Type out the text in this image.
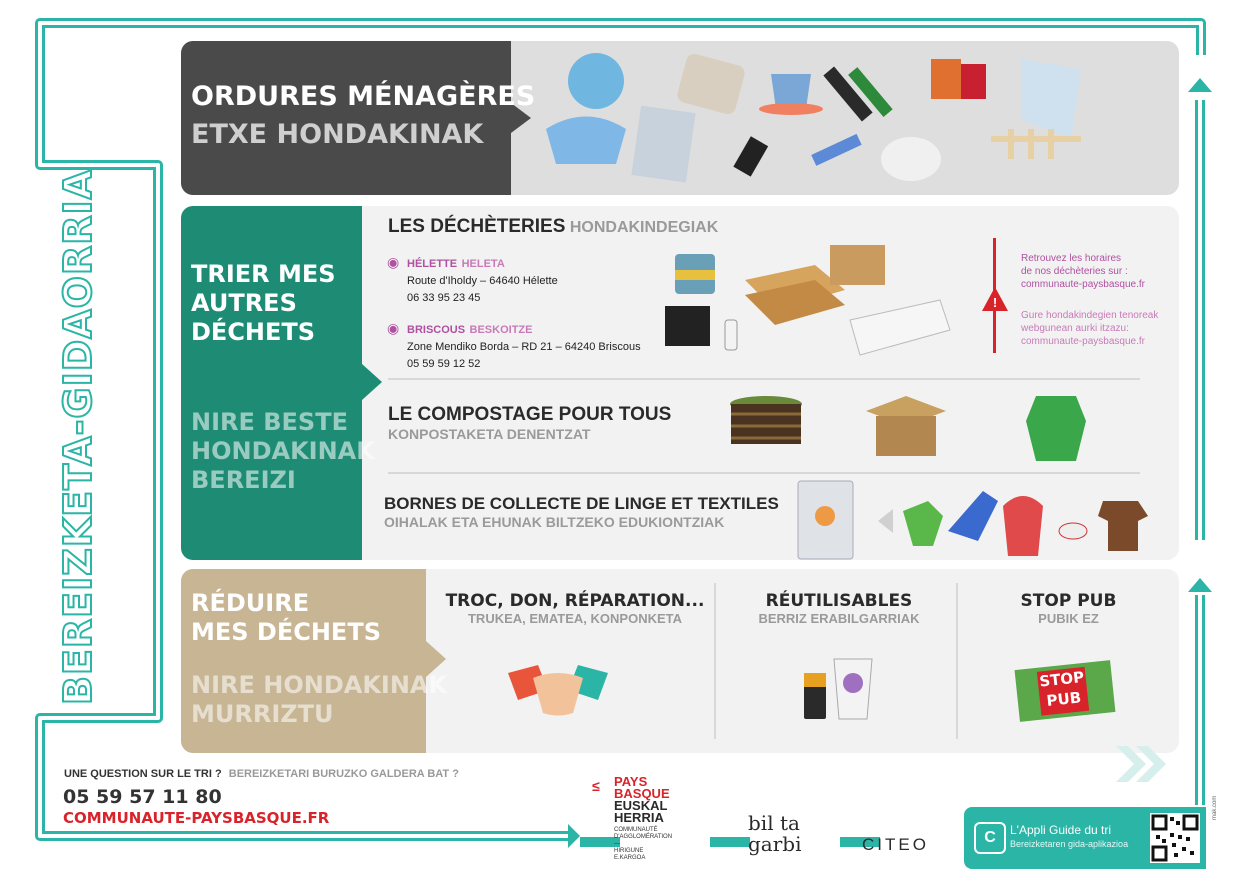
BEREIZKETA-GIDAORRIA
ORDURES MÉNAGÈRES
ETXE HONDAKINAK
TRIER MES
AUTRES
DÉCHETS
NIRE BESTE
HONDAKINAK
BEREIZI
LES DÉCHÈTERIES HONDAKINDEGIAK
◉ HÉLETTE HELETA
Route d'Iholdy – 64640 Hélette
06 33 95 23 45
◉ BRISCOUS BESKOITZE
Zone Mendiko Borda – RD 21 – 64240 Briscous
05 59 59 12 52
!
Retrouvez les horaires
de nos déchèteries sur :
communaute-paysbasque.fr
Gure hondakindegien tenoreak
webgunean aurki itzazu:
communaute-paysbasque.fr
LE COMPOSTAGE POUR TOUS
KONPOSTAKETA DENENTZAT
BORNES DE COLLECTE DE LINGE ET TEXTILES
OIHALAK ETA EHUNAK BILTZEKO EDUKIONTZIAK
RÉDUIRE
MES DÉCHETS
NIRE HONDAKINAK
MURRIZTU
TROC, DON, RÉPARATION...
TRUKEA, EMATEA, KONPONKETA
RÉUTILISABLES
BERRIZ ERABILGARRIAK
STOP PUB
PUBIK EZ
STOP
PUB
UNE QUESTION SUR LE TRI ? BEREIZKETARI BURUZKO GALDERA BAT ?
05 59 57 11 80
COMMUNAUTE-PAYSBASQUE.FR
≤ PAYS
BASQUE
EUSKAL
HERRIA
COMMUNAUTÉ
D'AGGLOMÉRATION
—
HIRIGUNE
E.KARGOA
bil ta
garbi	CITEO	C	L'Appli Guide du tri
Bereizketaren gida-aplikazioa
mak.com
